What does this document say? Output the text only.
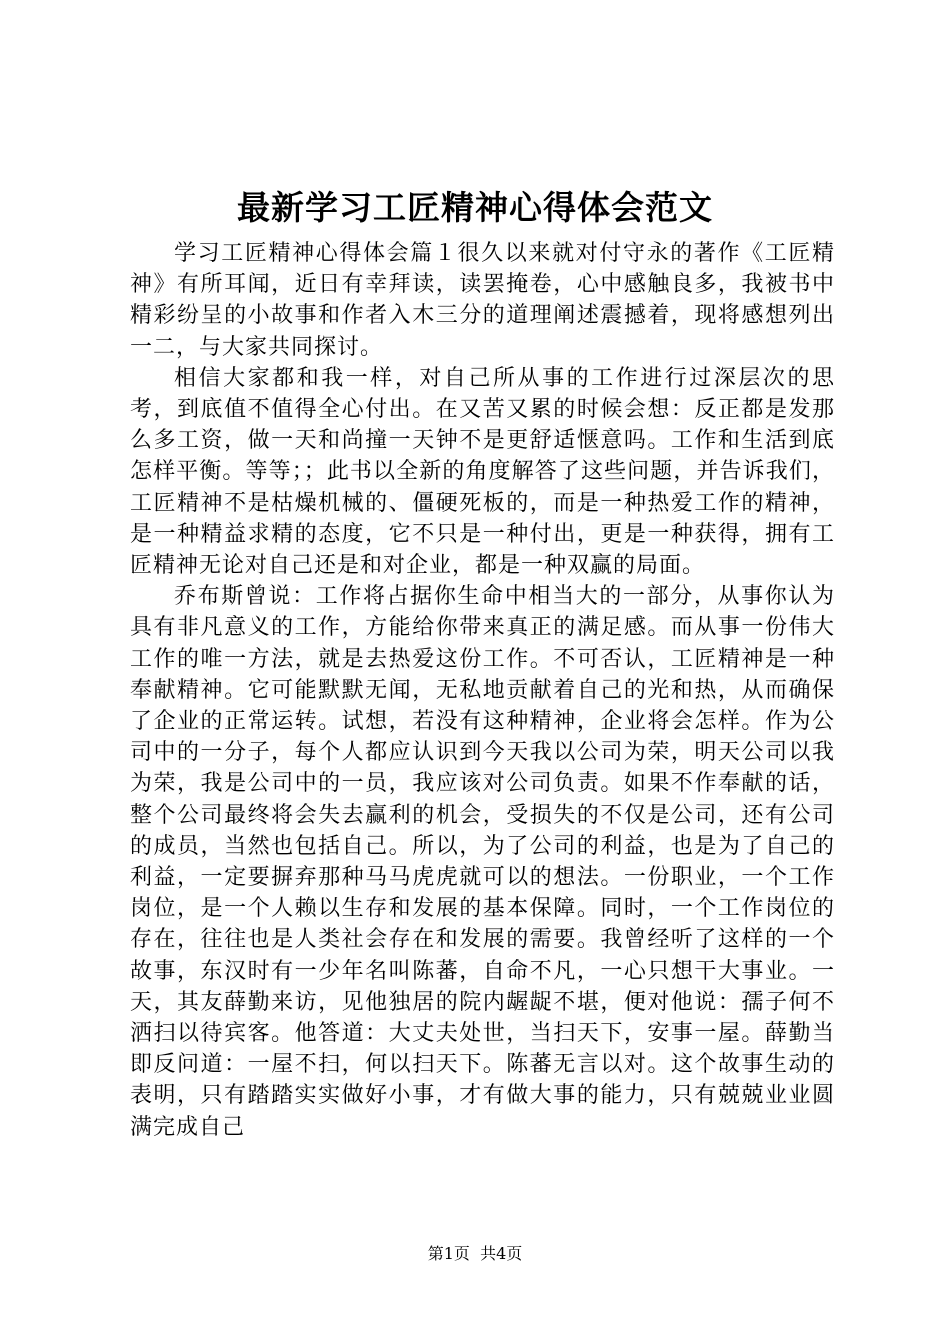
最新学习工匠精神心得体会范文

学习工匠精神心得体会篇１很久以来就对付守永的著作《工匠精神》有所耳闻，近日有幸拜读，读罢掩卷，心中感触良多，我被书中精彩纷呈的小故事和作者入木三分的道理阐述震撼着，现将感想列出一二，与大家共同探讨。

相信大家都和我一样，对自己所从事的工作进行过深层次的思考，到底值不值得全心付出。在又苦又累的时候会想：反正都是发那么多工资，做一天和尚撞一天钟不是更舒适惬意吗。工作和生活到底怎样平衡。等等；；此书以全新的角度解答了这些问题，并告诉我们，工匠精神不是枯燥机械的、僵硬死板的，而是一种热爱工作的精神，是一种精益求精的态度，它不只是一种付出，更是一种获得，拥有工匠精神无论对自己还是和对企业，都是一种双赢的局面。

乔布斯曾说：工作将占据你生命中相当大的一部分，从事你认为具有非凡意义的工作，方能给你带来真正的满足感。而从事一份伟大工作的唯一方法，就是去热爱这份工作。不可否认，工匠精神是一种奉献精神。它可能默默无闻，无私地贡献着自己的光和热，从而确保了企业的正常运转。试想，若没有这种精神，企业将会怎样。作为公司中的一分子，每个人都应认识到今天我以公司为荣，明天公司以我为荣，我是公司中的一员，我应该对公司负责。如果不作奉献的话，整个公司最终将会失去赢利的机会，受损失的不仅是公司，还有公司的成员，当然也包括自己。所以，为了公司的利益，也是为了自己的利益，一定要摒弃那种马马虎虎就可以的想法。一份职业，一个工作岗位，是一个人赖以生存和发展的基本保障。同时，一个工作岗位的存在，往往也是人类社会存在和发展的需要。我曾经听了这样的一个故事，东汉时有一少年名叫陈蕃，自命不凡，一心只想干大事业。一天，其友薛勤来访，见他独居的院内龌龊不堪，便对他说：孺子何不洒扫以待宾客。他答道：大丈夫处世，当扫天下，安事一屋。薛勤当即反问道：一屋不扫，何以扫天下。陈蕃无言以对。这个故事生动的表明，只有踏踏实实做好小事，才有做大事的能力，只有兢兢业业圆满完成自己

第1页  共4页
